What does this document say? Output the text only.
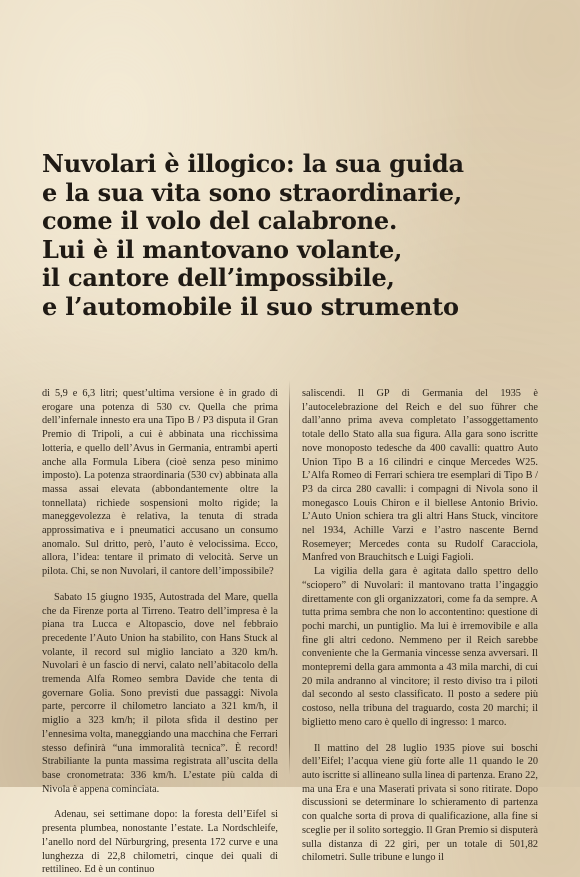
Nuvolari è illogico: la sua guida
e la sua vita sono straordinarie,
come il volo del calabrone.
Lui è il mantovano volante,
il cantore dell’impossibile,
e l’automobile il suo strumento

di 5,9 e 6,3 litri; quest’ultima versione è in grado di erogare una potenza di 530 cv. Quella che prima dell’infernale innesto era una Tipo B / P3 disputa il Gran Premio di Tripoli, a cui è abbinata una ricchissima lotteria, e quello dell’Avus in Germania, entrambi aperti anche alla Formula Libera (cioè senza peso minimo imposto). La potenza straordinaria (530 cv) abbinata alla massa assai elevata (abbondantemente oltre la tonnellata) richiede sospensioni molto rigide; la maneggevolezza è relativa, la tenuta di strada approssimativa e i pneumatici accusano un consumo anomalo. Sul dritto, però, l’auto è velocissima. Ecco, allora, l’idea: tentare il primato di velocità. Serve un pilota. Chi, se non Nuvolari, il cantore dell’impossibile?

Sabato 15 giugno 1935, Autostrada del Mare, quella che da Firenze porta al Tirreno. Teatro dell’impresa è la piana tra Lucca e Altopascio, dove nel febbraio precedente l’Auto Union ha stabilito, con Hans Stuck al volante, il record sul miglio lanciato a 320 km/h. Nuvolari è un fascio di nervi, calato nell’abitacolo della tremenda Alfa Romeo sembra Davide che tenta di governare Golia. Sono previsti due passaggi: Nivola parte, percorre il chilometro lanciato a 321 km/h, il miglio a 323 km/h; il pilota sfida il destino per l’ennesima volta, maneggiando una macchina che Ferrari stesso definirà “una immoralità tecnica”. È record! Strabiliante la punta massima registrata all’uscita della base cronometrata: 336 km/h. L’estate più calda di Nivola è appena cominciata.

Adenau, sei settimane dopo: la foresta dell’Eifel si presenta plumbea, nonostante l’estate. La Nordschleife, l’anello nord del Nürburgring, presenta 172 curve e una lunghezza di 22,8 chilometri, cinque dei quali di rettilineo. Ed è un continuo

saliscendi. Il GP di Germania del 1935 è l’autocelebrazione del Reich e del suo führer che dall’anno prima aveva completato l’assoggettamento totale dello Stato alla sua figura. Alla gara sono iscritte nove monoposto tedesche da 400 cavalli: quattro Auto Union Tipo B a 16 cilindri e cinque Mercedes W25. L’Alfa Romeo di Ferrari schiera tre esemplari di Tipo B / P3 da circa 280 cavalli: i compagni di Nivola sono il monegasco Louis Chiron e il biellese Antonio Brivio. L’Auto Union schiera tra gli altri Hans Stuck, vincitore nel 1934, Achille Varzi e l’astro nascente Bernd Rosemeyer; Mercedes conta su Rudolf Caracciola, Manfred von Brauchitsch e Luigi Fagioli.

La vigilia della gara è agitata dallo spettro dello “sciopero” di Nuvolari: il mantovano tratta l’ingaggio direttamente con gli organizzatori, come fa da sempre. A tutta prima sembra che non lo accontentino: questione di pochi marchi, un puntiglio. Ma lui è irremovibile e alla fine gli altri cedono. Nemmeno per il Reich sarebbe conveniente che la Germania vincesse senza avversari. Il montepremi della gara ammonta a 43 mila marchi, di cui 20 mila andranno al vincitore; il resto diviso tra i piloti dal secondo al sesto classificato. Il posto a sedere più costoso, nella tribuna del traguardo, costa 20 marchi; il biglietto meno caro è quello di ingresso: 1 marco.

Il mattino del 28 luglio 1935 piove sui boschi dell’Eifel; l’acqua viene giù forte alle 11 quando le 20 auto iscritte si allineano sulla linea di partenza. Erano 22, ma una Era e una Maserati privata si sono ritirate. Dopo discussioni se determinare lo schieramento di partenza con qualche sorta di prova di qualificazione, alla fine si sceglie per il solito sorteggio. Il Gran Premio si disputerà sulla distanza di 22 giri, per un totale di 501,82 chilometri. Sulle tribune e lungo il
